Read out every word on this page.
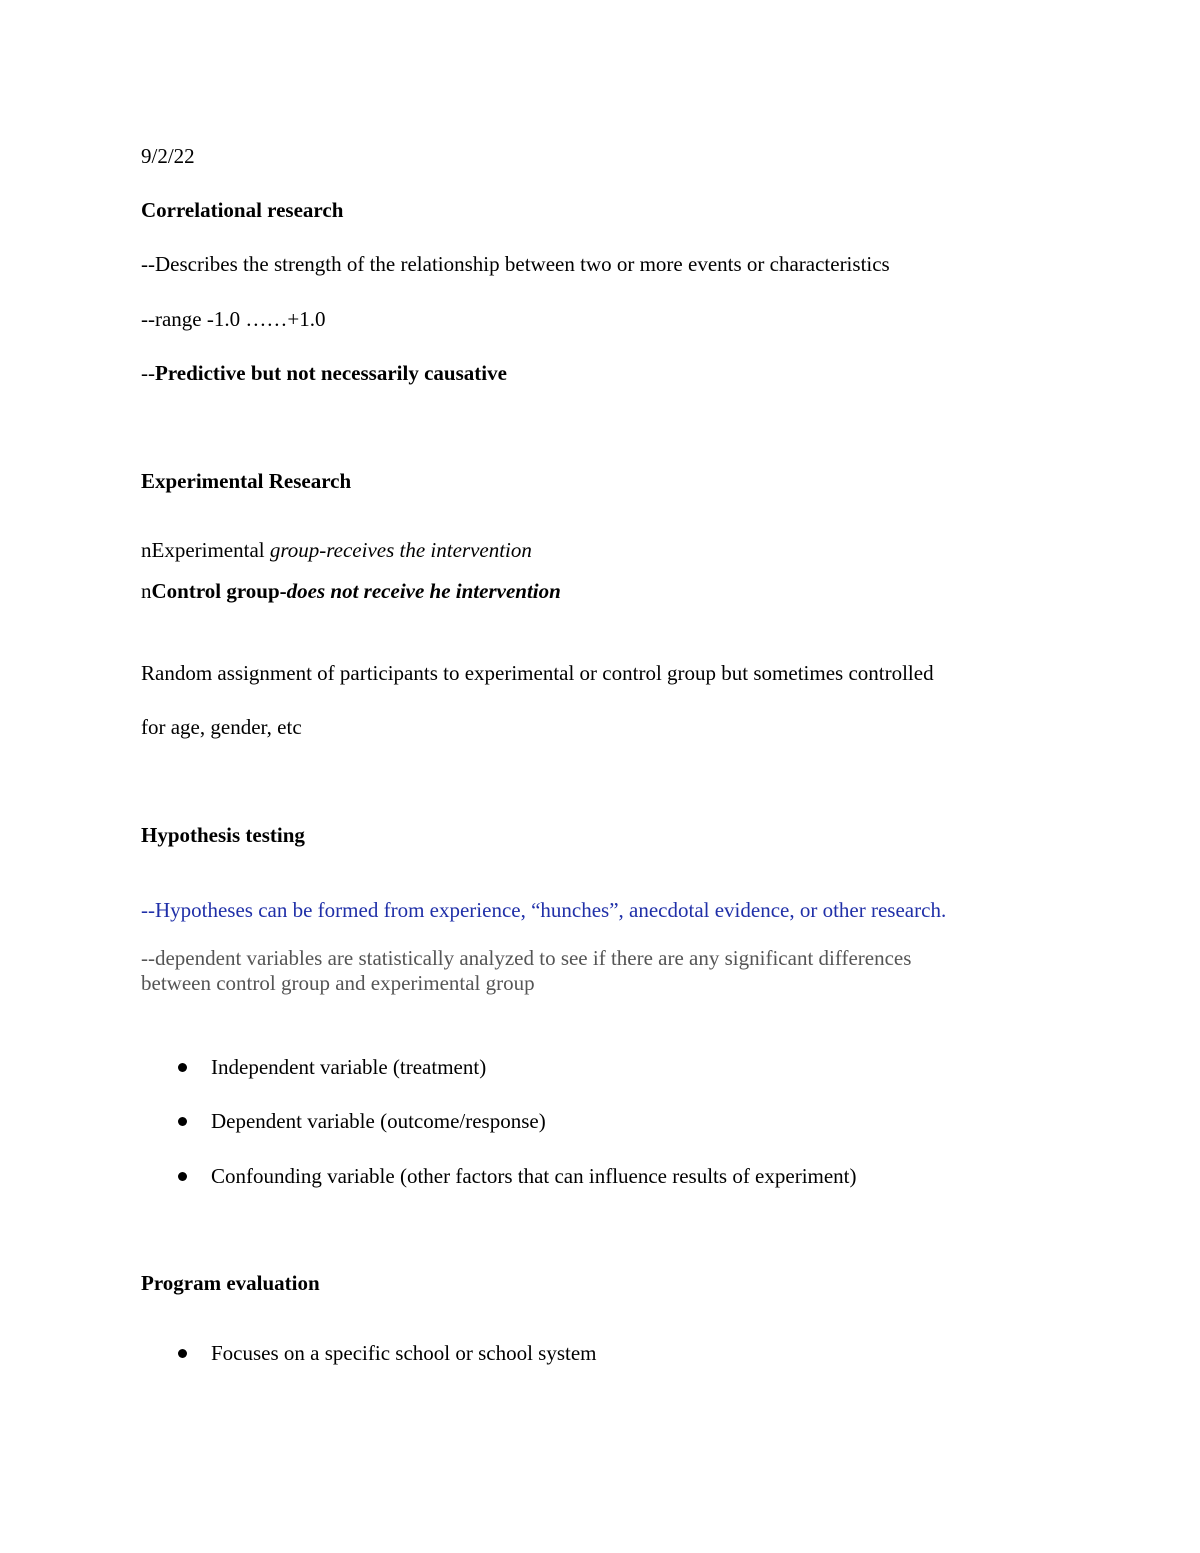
9/2/22
Correlational research
--Describes the strength of the relationship between two or more events or characteristics
--range -1.0 ……+1.0
--Predictive but not necessarily causative
Experimental Research
nExperimental group-receives the intervention
nControl group-does not receive he intervention
Random assignment of participants to experimental or control group but sometimes controlled
for age, gender, etc
Hypothesis testing
--Hypotheses can be formed from experience, “hunches”, anecdotal evidence, or other research.
--dependent variables are statistically analyzed to see if there are any significant differences
between control group and experimental group
Independent variable (treatment)
Dependent variable (outcome/response)
Confounding variable (other factors that can influence results of experiment)
Program evaluation
Focuses on a specific school or school system
